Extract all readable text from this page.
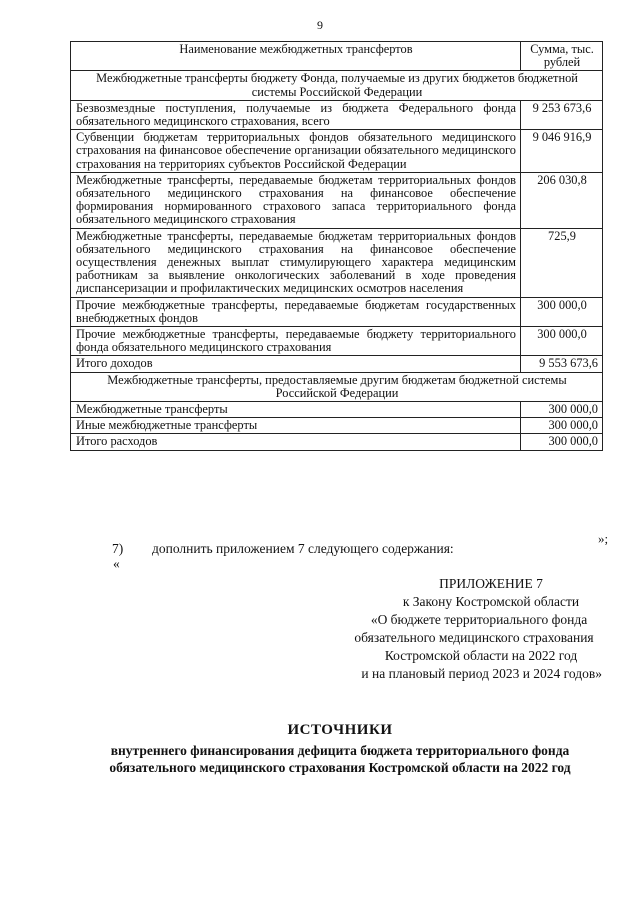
9
Наименование межбюджетных трансфертов	Сумма, тыс. рублей
Межбюджетные трансферты бюджету Фонда, получаемые из других бюджетов бюджетной системы Российской Федерации	
Безвозмездные поступления, получаемые из бюджета Федерального фонда обязательного медицинского страхования, всего	9 253 673,6
Субвенции бюджетам территориальных фондов обязательного медицинского страхования на финансовое обеспечение организации обязательного медицинского страхования на территориях субъектов Российской Федерации	9 046 916,9
Межбюджетные трансферты, передаваемые бюджетам территориальных фондов обязательного медицинского страхования на финансовое обеспечение формирования нормированного страхового запаса территориального фонда обязательного медицинского страхования	206 030,8
Межбюджетные трансферты, передаваемые бюджетам территориальных фондов обязательного медицинского страхования на финансовое обеспечение осуществления денежных выплат стимулирующего характера медицинским работникам за выявление онкологических заболеваний в ходе проведения диспансеризации и профилактических медицинских осмотров населения	725,9
Прочие межбюджетные трансферты, передаваемые бюджетам государственных внебюджетных фондов	300 000,0
Прочие межбюджетные трансферты, передаваемые бюджету территориального фонда обязательного медицинского страхования	300 000,0
Итого доходов	9 553 673,6
Межбюджетные трансферты, предоставляемые другим бюджетам бюджетной системы Российской Федерации	
Межбюджетные трансферты	300 000,0
Иные межбюджетные трансферты	300 000,0
Итого расходов	300 000,0
»;
7) дополнить приложением 7 следующего содержания:
«
ПРИЛОЖЕНИЕ 7
к Закону Костромской области
«О бюджете территориального фонда
обязательного медицинского страхования
Костромской области на 2022 год
и на плановый период 2023 и 2024 годов»
ИСТОЧНИКИ
внутреннего финансирования дефицита бюджета территориального фонда
обязательного медицинского страхования Костромской области на 2022 год
